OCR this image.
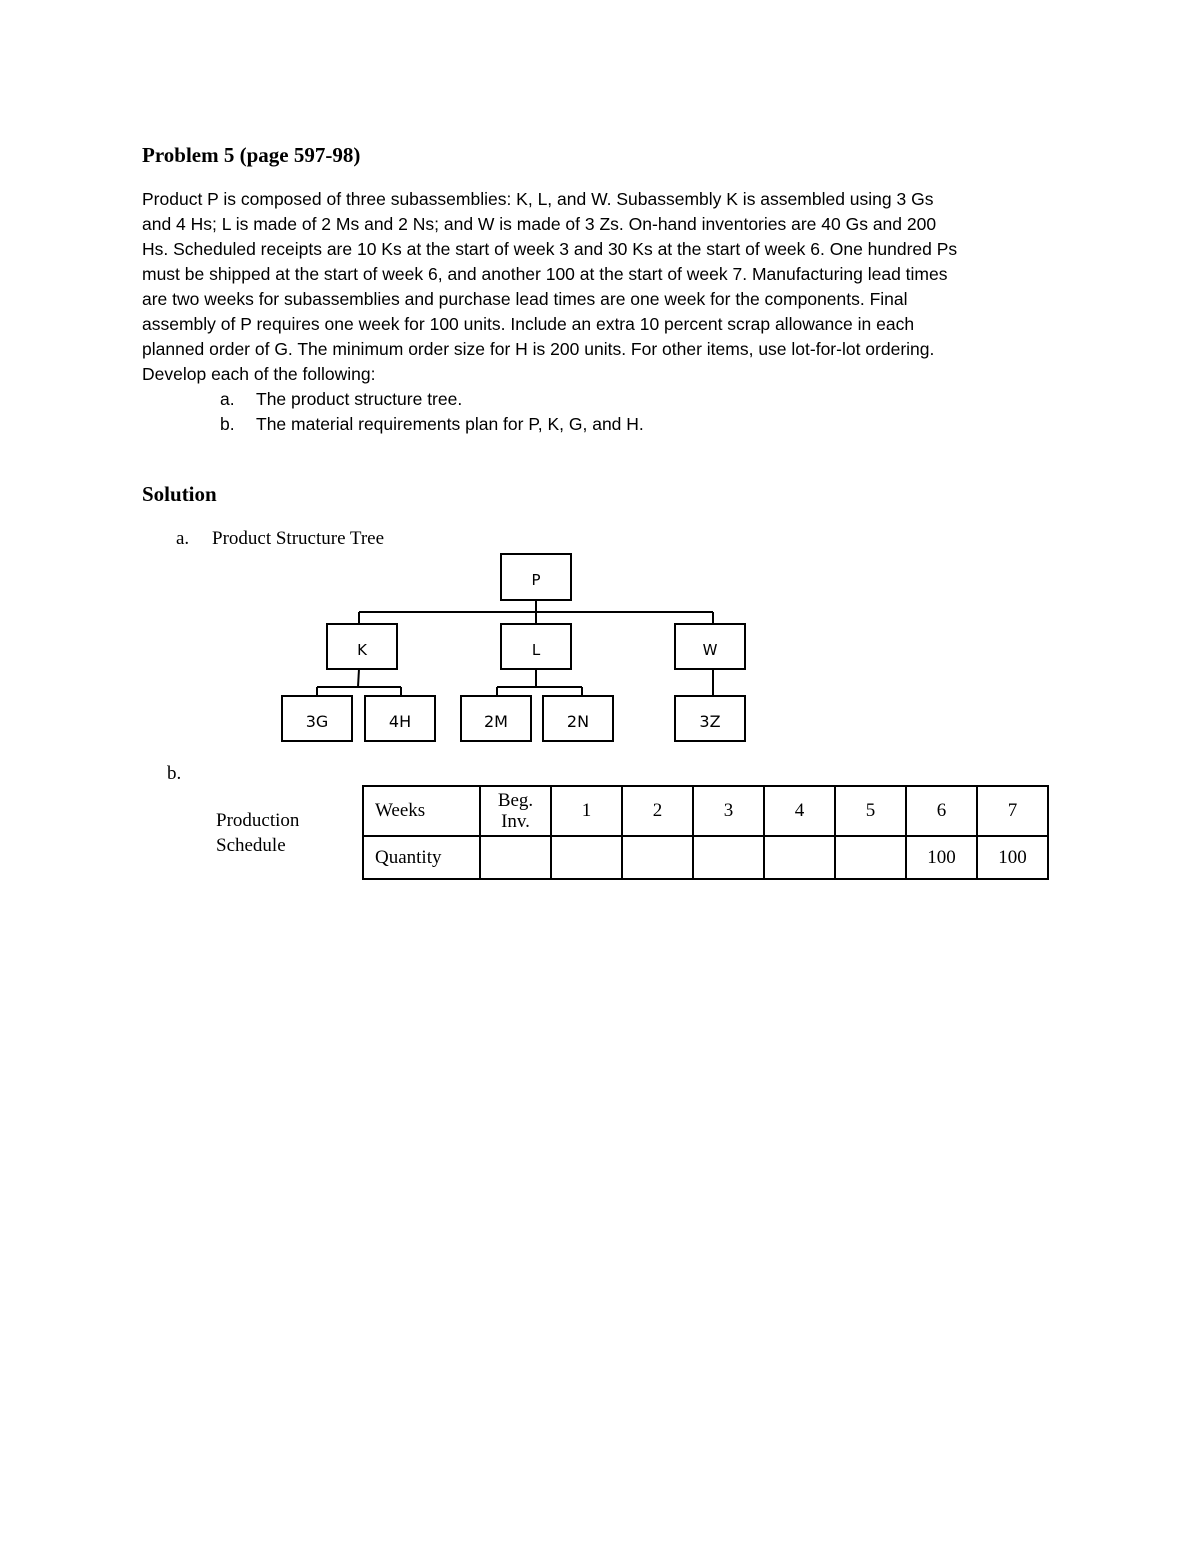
Problem 5 (page 597-98)

Product P is composed of three subassemblies: K, L, and W. Subassembly K is assembled using 3 Gs
and 4 Hs; L is made of 2 Ms and 2 Ns; and W is made of 3 Zs. On-hand inventories are 40 Gs and 200
Hs. Scheduled receipts are 10 Ks at the start of week 3 and 30 Ks at the start of week 6. One hundred Ps
must be shipped at the start of week 6, and another 100 at the start of week 7. Manufacturing lead times
are two weeks for subassemblies and purchase lead times are one week for the components. Final
assembly of P requires one week for 100 units. Include an extra 10 percent scrap allowance in each
planned order of G. The minimum order size for H is 200 units. For other items, use lot-for-lot ordering.
Develop each of the following:

a. The product structure tree.
b. The material requirements plan for P, K, G, and H.
Solution
a. Product Structure Tree
P
K	L	W
3G	4H	2M	2N	3Z
b.
Production
Schedule
Weeks	Beg.
Inv.	1	2	3	4	5	6	7
Quantity							100	100
